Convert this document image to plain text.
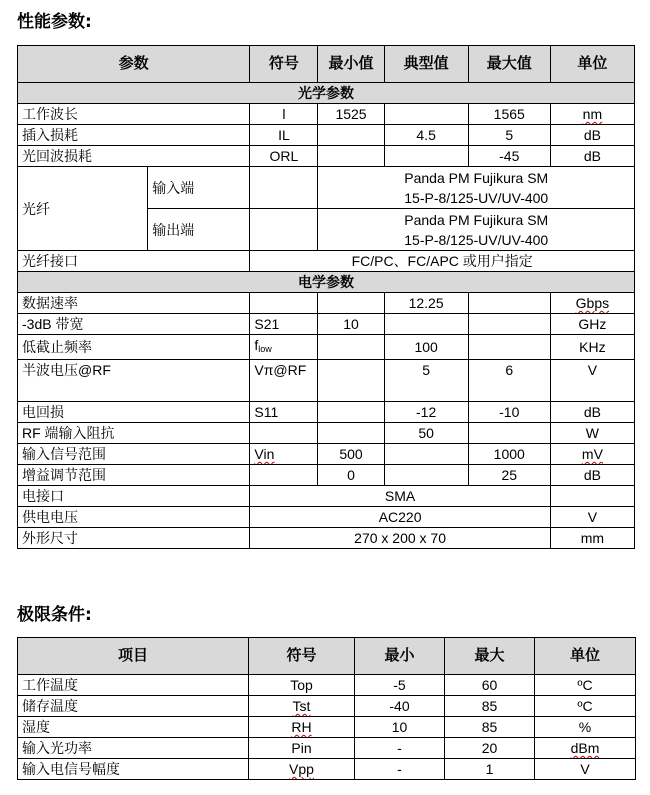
性能参数:
参数		符号	最小值	典型值	最大值	单位
光学参数						
工作波长		l	1525		1565	nm
插入损耗		IL		4.5	5	dB
光回波损耗		ORL			-45	dB
光纤	输入端		Panda PM Fujikura SM
15-P-8/125-UV/UV-400			

	输出端		Panda PM Fujikura SM
15-P-8/125-UV/UV-400			

光纤接口		FC/PC、FC/APC 或用户指定				
电学参数						
数据速率				12.25		Gbps
-3dB 带宽		S21	10			GHz
低截止频率		$f_{low}$		100		KHz
半波电压@RF		Vπ@RF		5	6	V
电回损		S11		-12	-10	dB
RF 端输入阻抗				50		W
输入信号范围		Vin	500		1000	mV
增益调节范围			0		25	dB
电接口		SMA				
供电电压		AC220				V
外形尺寸		270 x 200 x 70				mm
极限条件:
项目	符号	最小	最大	单位
工作温度	Top	-5	60	ºC
储存温度	Tst	-40	85	ºC
湿度	RH	10	85	%
输入光功率	Pin	-	20	dBm
输入电信号幅度	Vpp	-	1	V
